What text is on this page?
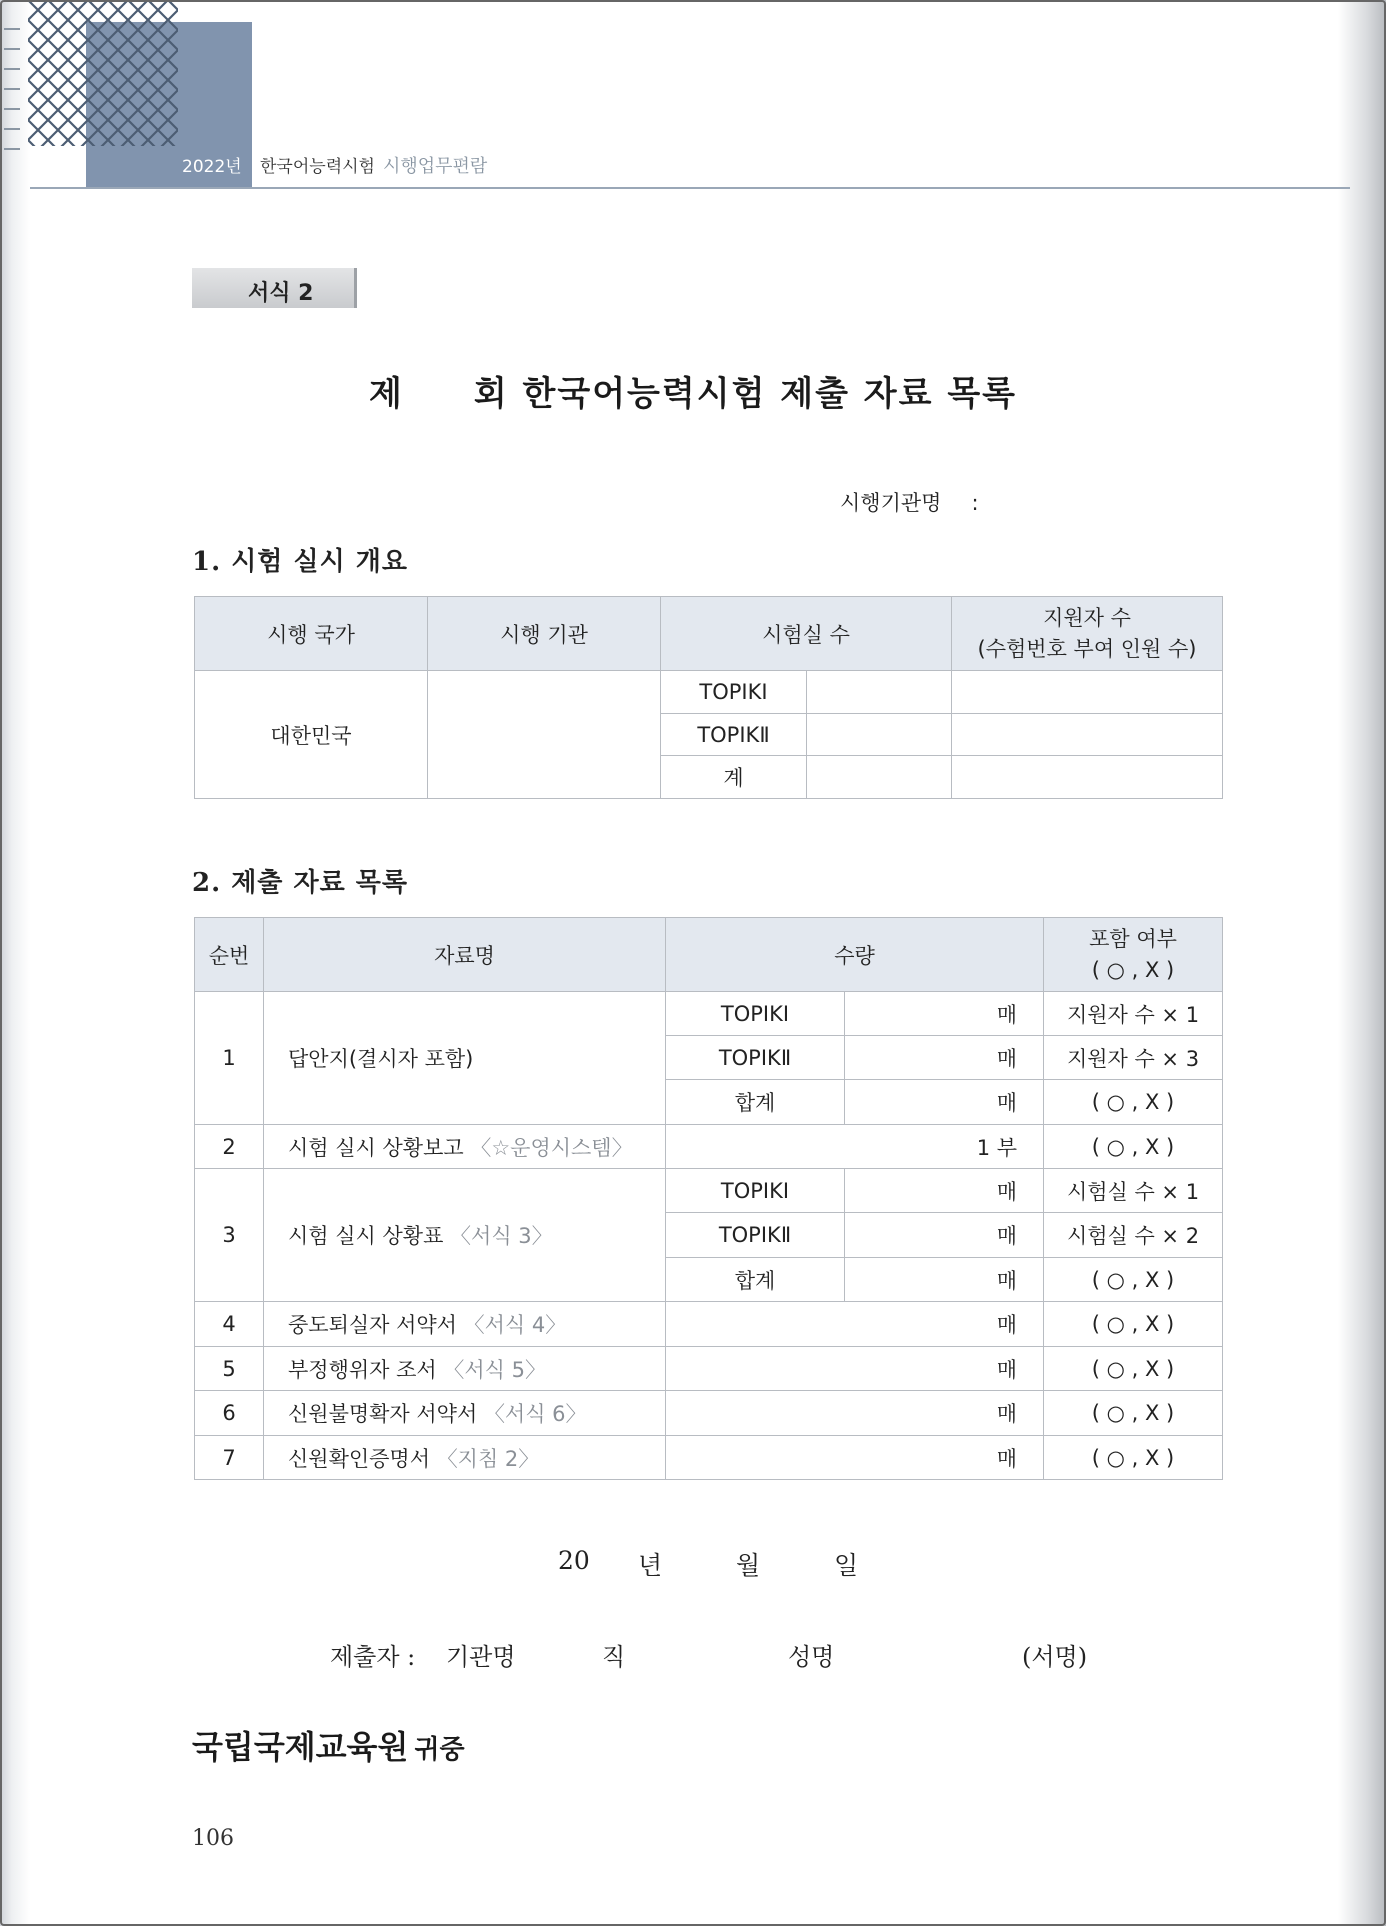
2022년 한국어능력시험 시행업무편람
서식 2
제 회 한국어능력시험 제출 자료 목록
시행기관명 :
1. 시험 실시 개요
시행 국가	시행 기관	시험실 수		지원자 수
(수험번호 부여 인원 수)

대한민국		TOPIKⅠ		
		TOPIKⅡ		
		계		
2. 제출 자료 목록
순번	자료명	수량		포함 여부
( ○ , X )

1	답안지(결시자 포함)	TOPIKⅠ	매	지원자 수 × 1
		TOPIKⅡ	매	지원자 수 × 3
		합계	매	( ○ , X )
2	시험 실시 상황보고 〈☆운영시스템〉	1 부		( ○ , X )
3	시험 실시 상황표 〈서식 3〉	TOPIKⅠ	매	시험실 수 × 1
		TOPIKⅡ	매	시험실 수 × 2
		합계	매	( ○ , X )
4	중도퇴실자 서약서 〈서식 4〉	매		( ○ , X )
5	부정행위자 조서 〈서식 5〉	매		( ○ , X )
6	신원불명확자 서약서 〈서식 6〉	매		( ○ , X )
7	신원확인증명서 〈지침 2〉	매		( ○ , X )
20 년	월	일
제출자 : 기관명	직	성명	(서명)
국립국제교육원 귀중
106
